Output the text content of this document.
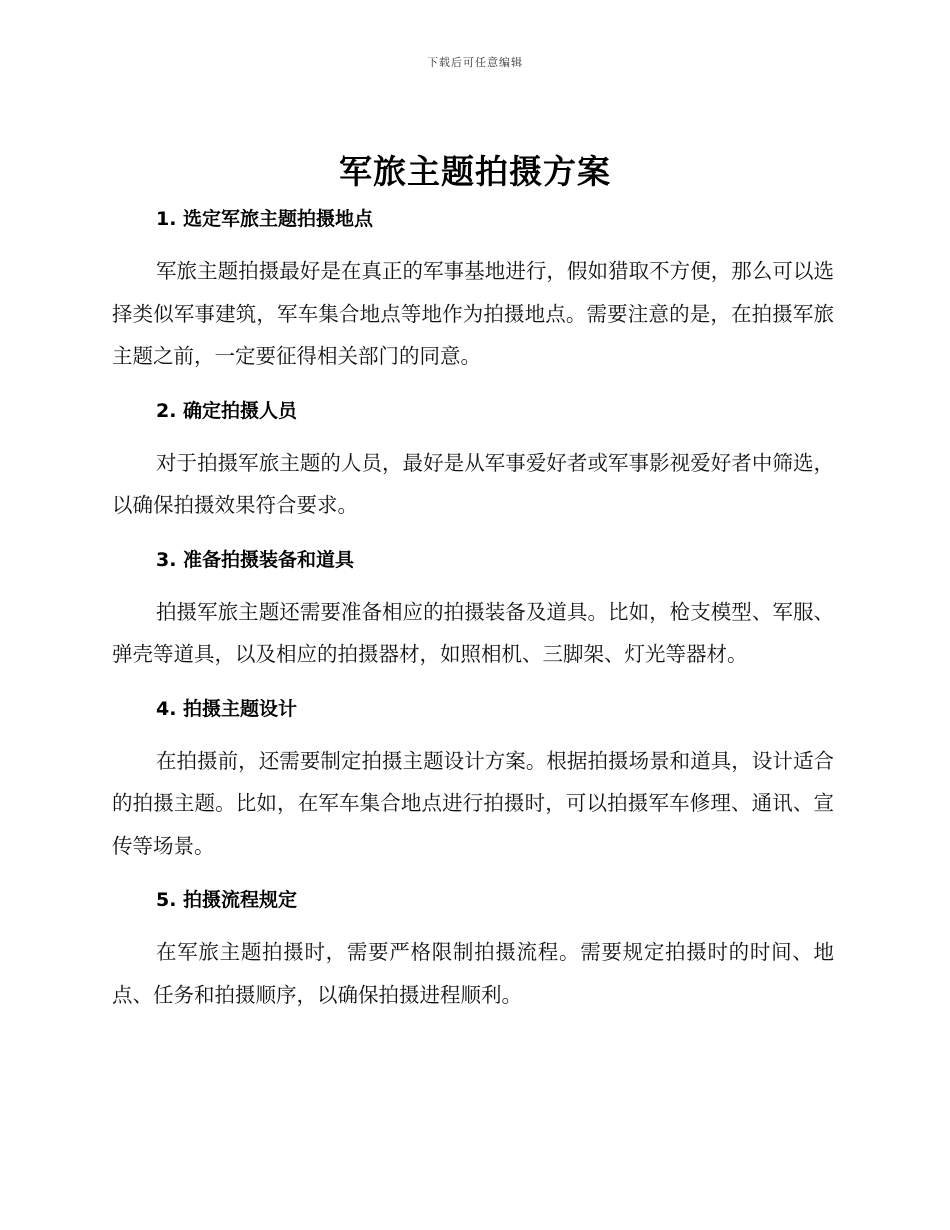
下载后可任意编辑
军旅主题拍摄方案
1. 选定军旅主题拍摄地点

军旅主题拍摄最好是在真正的军事基地进行，假如猎取不方便，那么可以选择类似军事建筑，军车集合地点等地作为拍摄地点。需要注意的是，在拍摄军旅主题之前，一定要征得相关部门的同意。

2. 确定拍摄人员

对于拍摄军旅主题的人员，最好是从军事爱好者或军事影视爱好者中筛选，以确保拍摄效果符合要求。

3. 准备拍摄装备和道具

拍摄军旅主题还需要准备相应的拍摄装备及道具。比如，枪支模型、军服、弹壳等道具，以及相应的拍摄器材，如照相机、三脚架、灯光等器材。

4. 拍摄主题设计

在拍摄前，还需要制定拍摄主题设计方案。根据拍摄场景和道具，设计适合的拍摄主题。比如，在军车集合地点进行拍摄时，可以拍摄军车修理、通讯、宣传等场景。

5. 拍摄流程规定

在军旅主题拍摄时，需要严格限制拍摄流程。需要规定拍摄时的时间、地点、任务和拍摄顺序，以确保拍摄进程顺利。
